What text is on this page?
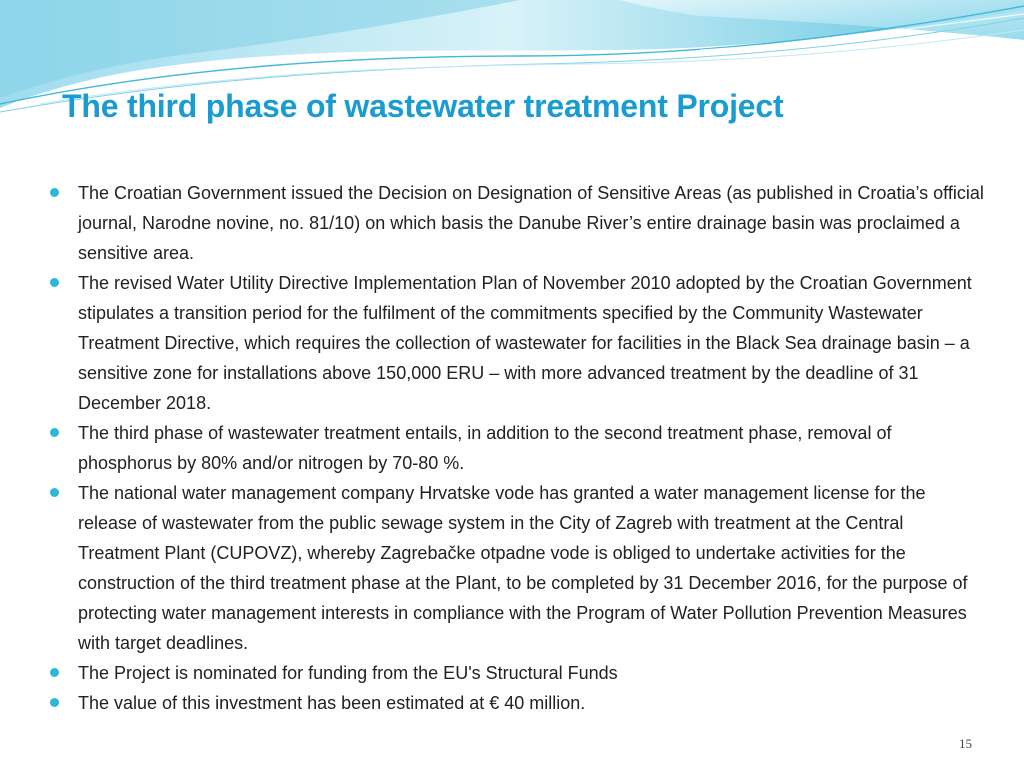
The third phase of wastewater treatment Project
The Croatian Government issued the Decision on Designation of Sensitive Areas (as published in Croatia’s official journal, Narodne novine, no. 81/10) on which basis the Danube River’s entire drainage basin was proclaimed a sensitive area.
The revised Water Utility Directive Implementation Plan of November 2010 adopted by the Croatian Government stipulates a transition period for the fulfilment of the commitments specified by the Community Wastewater Treatment Directive, which requires the collection of wastewater for facilities in the Black Sea drainage basin – a sensitive zone for installations above 150,000 ERU – with more advanced treatment by the deadline of 31 December 2018.
The third phase of wastewater treatment entails, in addition to the second treatment phase, removal of phosphorus by 80% and/or nitrogen by 70-80 %.
The national water management company Hrvatske vode has granted a water management license for the release of wastewater from the public sewage system in the City of Zagreb with treatment at the Central Treatment Plant (CUPOVZ), whereby Zagrebačke otpadne vode is obliged to undertake activities for the construction of the third treatment phase at the Plant, to be completed by 31 December 2016, for the purpose of protecting water management interests in compliance with the Program of Water Pollution Prevention Measures with target deadlines.
The Project is nominated for funding from the EU's Structural Funds
The value of this investment has been estimated at € 40 million.
15
